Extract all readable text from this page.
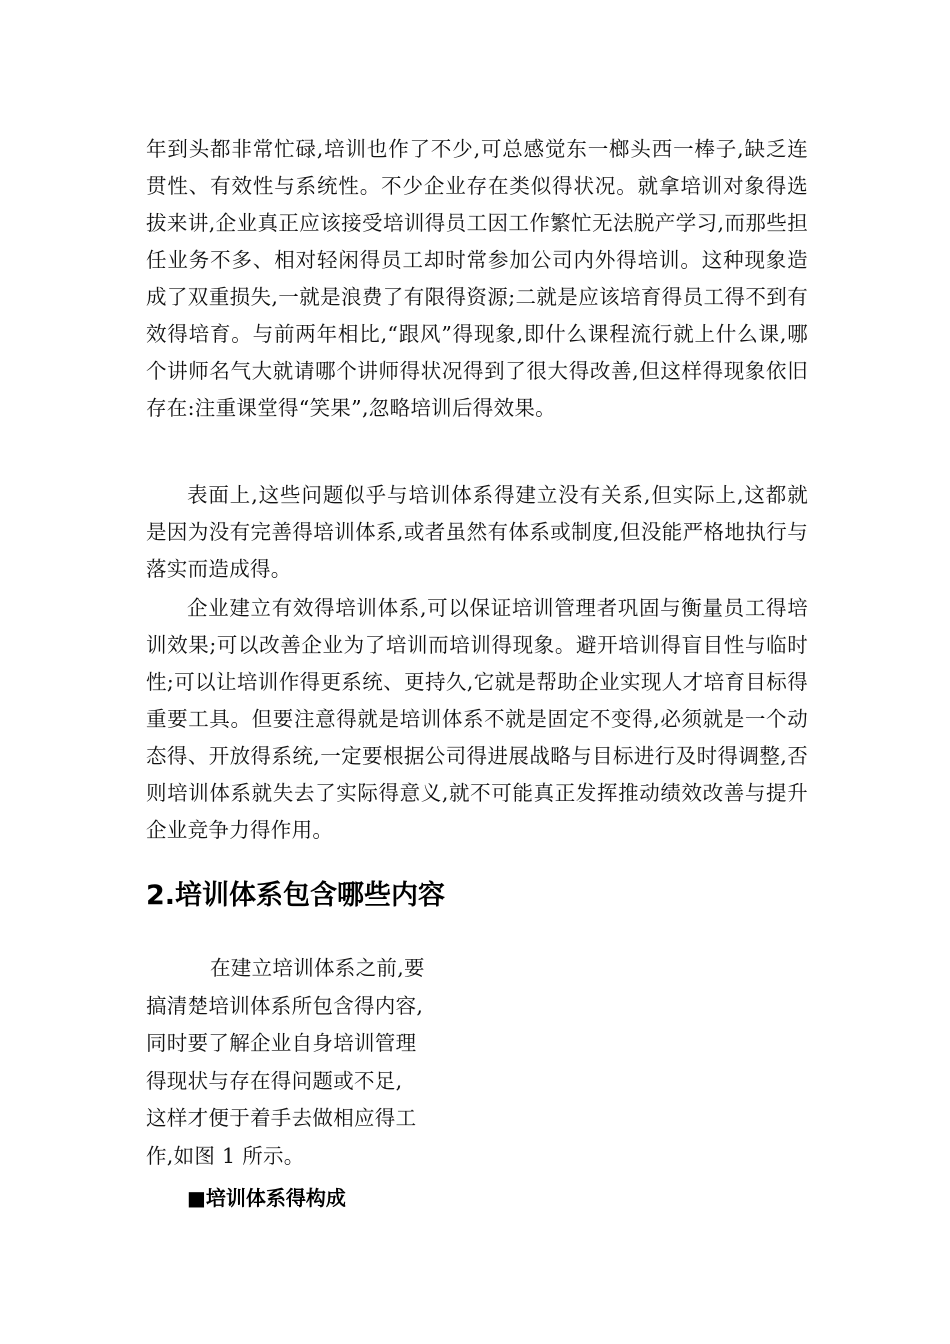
年到头都非常忙碌,培训也作了不少,可总感觉东一榔头西一棒子,缺乏连贯性、有效性与系统性。不少企业存在类似得状况。就拿培训对象得选拔来讲,企业真正应该接受培训得员工因工作繁忙无法脱产学习,而那些担任业务不多、相对轻闲得员工却时常参加公司内外得培训。这种现象造成了双重损失,一就是浪费了有限得资源;二就是应该培育得员工得不到有效得培育。与前两年相比,“跟风”得现象,即什么课程流行就上什么课,哪个讲师名气大就请哪个讲师得状况得到了很大得改善,但这样得现象依旧存在:注重课堂得“笑果”,忽略培训后得效果。

表面上,这些问题似乎与培训体系得建立没有关系,但实际上,这都就是因为没有完善得培训体系,或者虽然有体系或制度,但没能严格地执行与落实而造成得。

企业建立有效得培训体系,可以保证培训管理者巩固与衡量员工得培训效果;可以改善企业为了培训而培训得现象。避开培训得盲目性与临时性;可以让培训作得更系统、更持久,它就是帮助企业实现人才培育目标得重要工具。但要注意得就是培训体系不就是固定不变得,必须就是一个动态得、开放得系统,一定要根据公司得进展战略与目标进行及时得调整,否则培训体系就失去了实际得意义,就不可能真正发挥推动绩效改善与提升企业竞争力得作用。

2.培训体系包含哪些内容

在建立培训体系之前,要
搞清楚培训体系所包含得内容,
同时要了解企业自身培训管理
得现状与存在得问题或不足,
这样才便于着手去做相应得工
作,如图 1 所示。

■培训体系得构成
